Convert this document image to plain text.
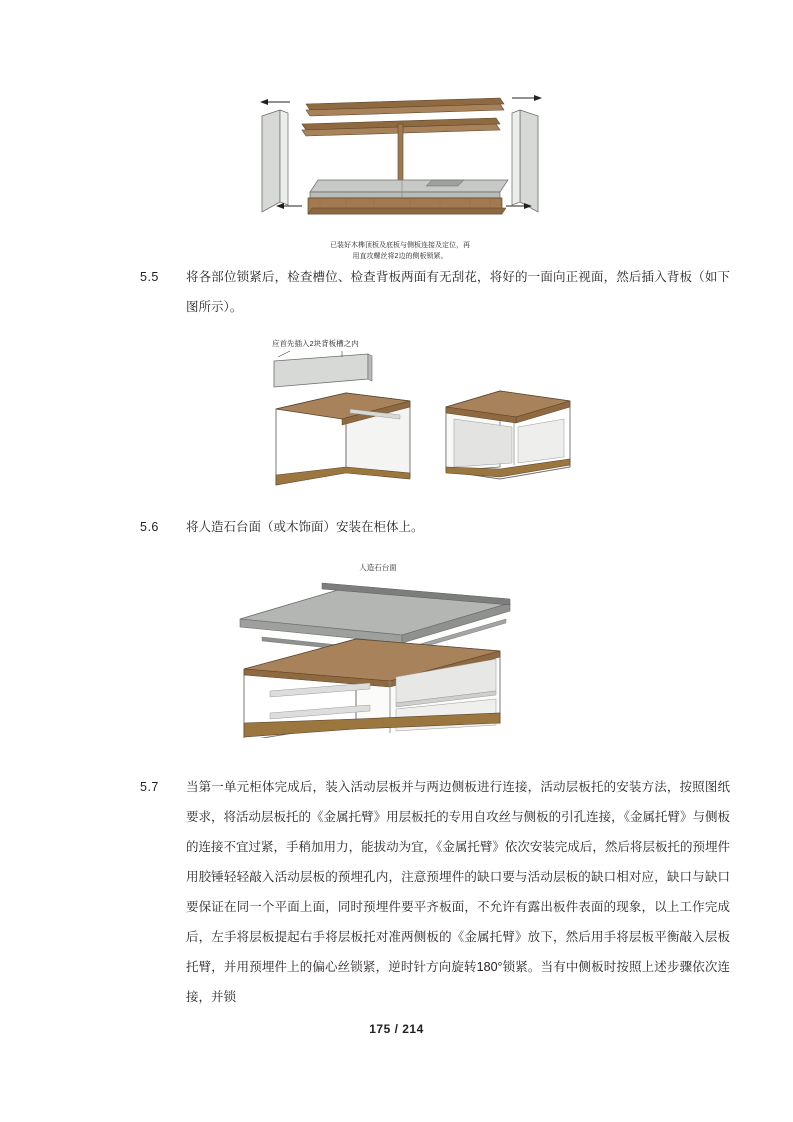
已装好木榫顶板及底板与侧板连接及定位，再
用直攻螺丝将2边的侧板锁紧。
5.5	将各部位锁紧后，检查槽位、检查背板两面有无刮花，将好的一面向正视面，然后插入背板（如下图所示）。
应首先插入2块背板槽之内
5.6	将人造石台面（或木饰面）安装在柜体上。
人造石台面
5.7	当第一单元柜体完成后，装入活动层板并与两边侧板进行连接，活动层板托的安装方法，按照图纸要求，将活动层板托的《金属托臂》用层板托的专用自攻丝与侧板的引孔连接，《金属托臂》与侧板的连接不宜过紧，手稍加用力，能拔动为宜，《金属托臂》依次安装完成后，然后将层板托的预埋件用胶锤轻轻敲入活动层板的预埋孔内，注意预埋件的缺口要与活动层板的缺口相对应，缺口与缺口要保证在同一个平面上面，同时预埋件要平齐板面，不允许有露出板件表面的现象，以上工作完成后，左手将层板提起右手将层板托对准两侧板的《金属托臂》放下，然后用手将层板平衡敲入层板托臂，并用预埋件上的偏心丝锁紧，逆时针方向旋转180°锁紧。当有中侧板时按照上述步骤依次连接，并锁
175 / 214
